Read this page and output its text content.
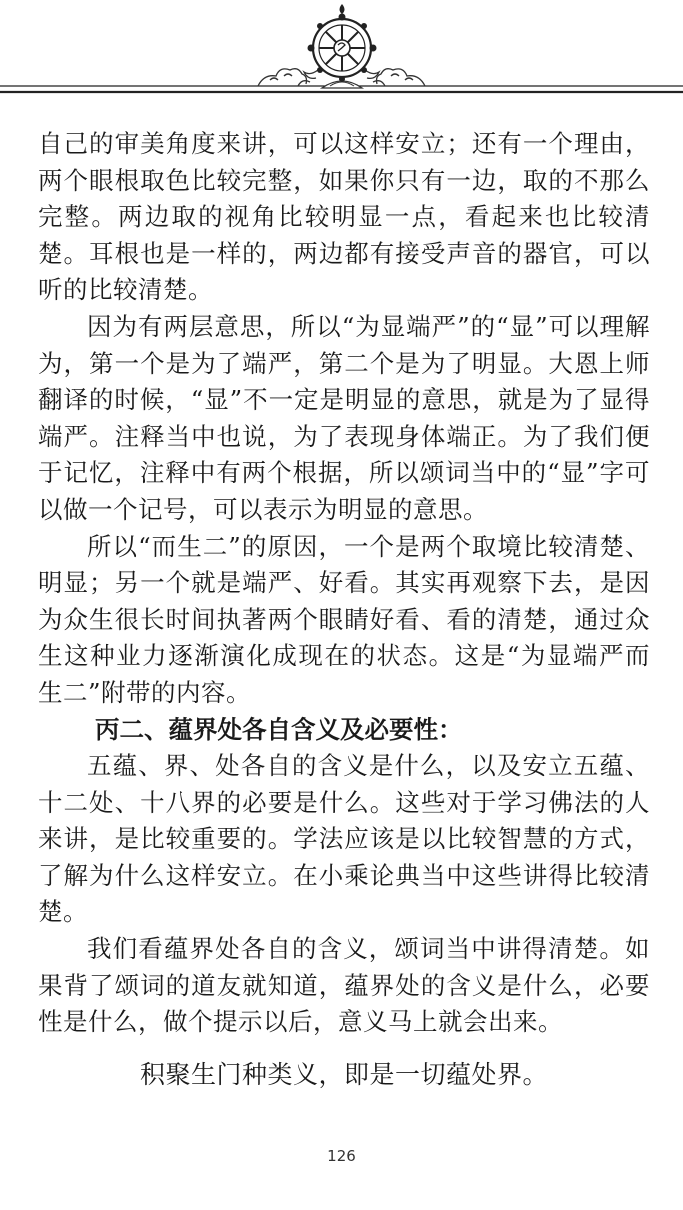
自己的审美角度来讲，可以这样安立；还有一个理由，两个眼根取色比较完整，如果你只有一边，取的不那么完整。两边取的视角比较明显一点，看起来也比较清楚。耳根也是一样的，两边都有接受声音的器官，可以听的比较清楚。

因为有两层意思，所以“为显端严”的“显”可以理解为，第一个是为了端严，第二个是为了明显。大恩上师翻译的时候，“显”不一定是明显的意思，就是为了显得端严。注释当中也说，为了表现身体端正。为了我们便于记忆，注释中有两个根据，所以颂词当中的“显”字可以做一个记号，可以表示为明显的意思。

所以“而生二”的原因，一个是两个取境比较清楚、明显；另一个就是端严、好看。其实再观察下去，是因为众生很长时间执著两个眼睛好看、看的清楚，通过众生这种业力逐渐演化成现在的状态。这是“为显端严而生二”附带的内容。

丙二、蕴界处各自含义及必要性：

五蕴、界、处各自的含义是什么，以及安立五蕴、十二处、十八界的必要是什么。这些对于学习佛法的人来讲，是比较重要的。学法应该是以比较智慧的方式，了解为什么这样安立。在小乘论典当中这些讲得比较清楚。

我们看蕴界处各自的含义，颂词当中讲得清楚。如果背了颂词的道友就知道，蕴界处的含义是什么，必要性是什么，做个提示以后，意义马上就会出来。

积聚生门种类义，即是一切蕴处界。

126
